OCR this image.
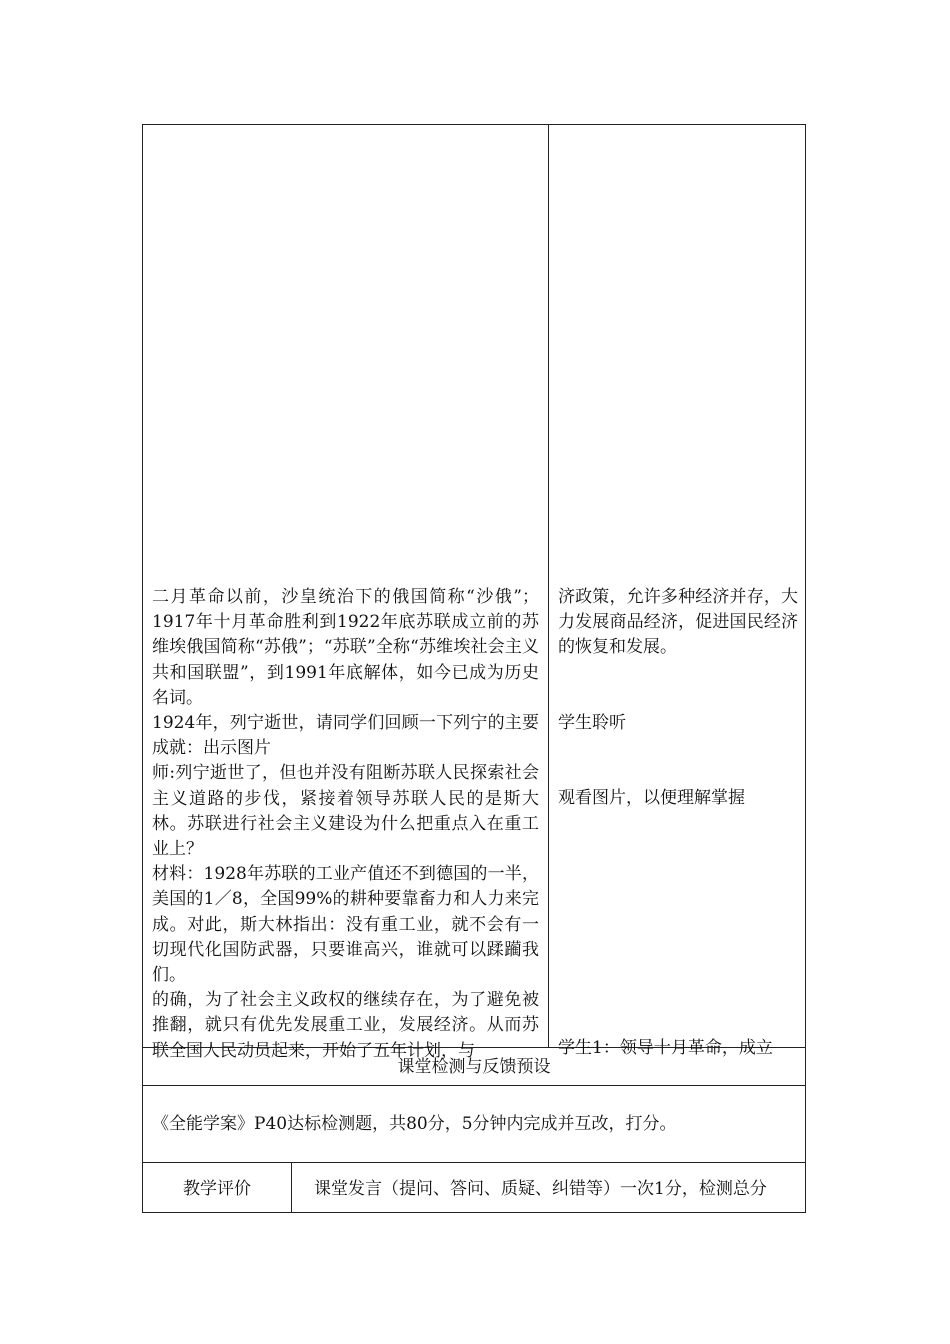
二月革命以前，沙皇统治下的俄国简称“沙俄”；1917年十月革命胜利到1922年底苏联成立前的苏维埃俄国简称“苏俄”；“苏联”全称“苏维埃社会主义共和国联盟”，到1991年底解体，如今已成为历史名词。

1924年，列宁逝世，请同学们回顾一下列宁的主要成就：出示图片

师:列宁逝世了，但也并没有阻断苏联人民探索社会主义道路的步伐，紧接着领导苏联人民的是斯大林。苏联进行社会主义建设为什么把重点入在重工业上？

材料：1928年苏联的工业产值还不到德国的一半，美国的1／8，全国99%的耕种要靠畜力和人力来完成。对此，斯大林指出：没有重工业，就不会有一切现代化国防武器，只要谁高兴，谁就可以蹂躏我们。

的确，为了社会主义政权的继续存在，为了避免被推翻，就只有优先发展重工业，发展经济。从而苏联全国人民动员起来，开始了五年计划，与

济政策，允许多种经济并存，大力发展商品经济，促进国民经济的恢复和发展。
学生聆听
观看图片，以便理解掌握
学生1：领导十月革命，成立
课堂检测与反馈预设
《全能学案》P40达标检测题，共80分，5分钟内完成并互改，打分。
教学评价	课堂发言（提问、答问、质疑、纠错等）一次1分，检测总分
